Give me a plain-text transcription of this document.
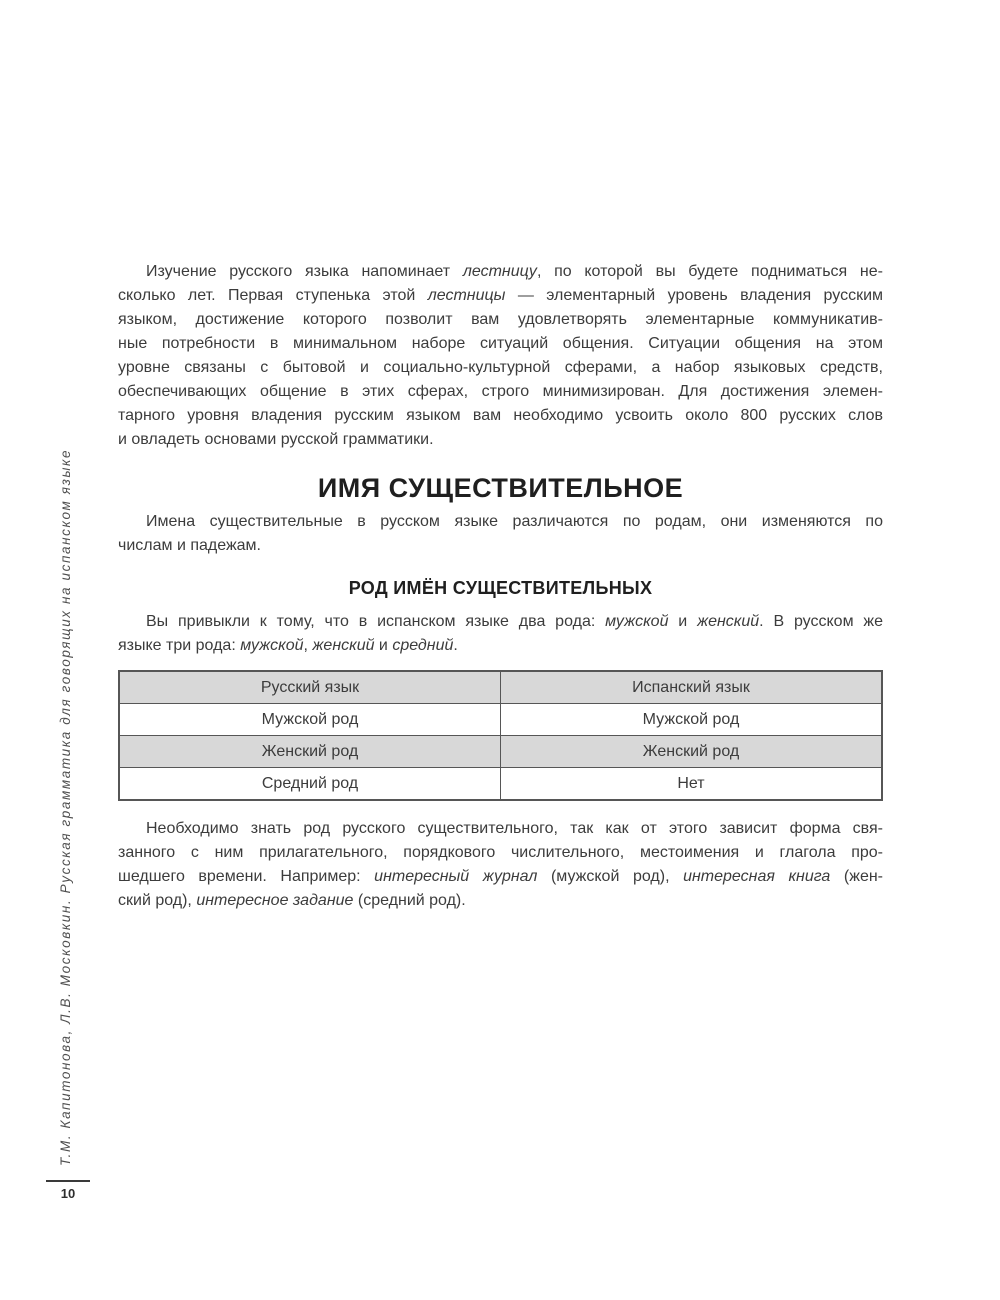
Т.М. Капитонова, Л.В. Московкин. Русская грамматика для говорящих на испанском языке
10
Изучение русского языка напоминает лестницу, по которой вы будете подниматься не-
сколько лет. Первая ступенька этой лестницы — элементарный уровень владения русским
языком, достижение которого позволит вам удовлетворять элементарные коммуникатив-
ные потребности в минимальном наборе ситуаций общения. Ситуации общения на этом
уровне связаны с бытовой и социально-культурной сферами, а набор языковых средств,
обеспечивающих общение в этих сферах, строго минимизирован. Для достижения элемен-
тарного уровня владения русским языком вам необходимо усвоить около 800 русских слов
и овладеть основами русской грамматики.
ИМЯ СУЩЕСТВИТЕЛЬНОЕ
Имена существительные в русском языке различаются по родам, они изменяются по
числам и падежам.
РОД ИМЁН СУЩЕСТВИТЕЛЬНЫХ
Вы привыкли к тому, что в испанском языке два рода: мужской и женский. В русском же
языке три рода: мужской, женский и средний.
Русский язык	Испанский язык
Мужской род	Мужской род
Женский род	Женский род
Средний род	Нет
Необходимо знать род русского существительного, так как от этого зависит форма свя-
занного с ним прилагательного, порядкового числительного, местоимения и глагола про-
шедшего времени. Например: интересный журнал (мужской род), интересная книга (жен-
ский род), интересное задание (средний род).
